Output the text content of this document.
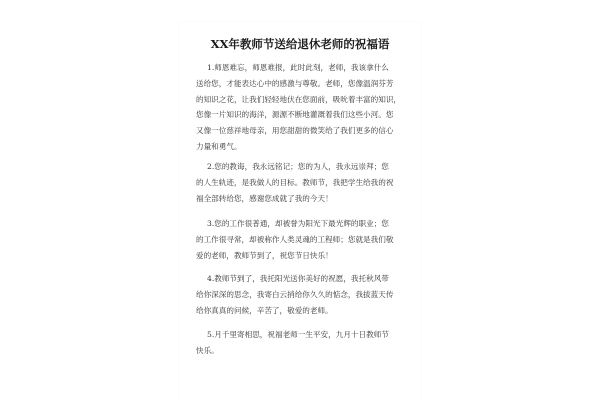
XX年教师节送给退休老师的祝福语

1.师恩难忘，师恩难报，此时此刻，老师，我该拿什么
送给您，才能表达心中的感激与尊敬。老师，您像温润芬芳
的知识之花，让我们轻轻地伏在您面前，吸吮着丰富的知识，
您像一片知识的海洋，源源不断地灌溉着我们这些小河。您
又像一位慈祥地母亲，用您甜甜的微笑给了我们更多的信心
力量和勇气。

2.您的教诲，我永远铭记；您的为人，我永远崇拜；您
的人生轨迹，是我做人的目标。教师节，我把学生给我的祝
福全部转给您，感谢您成就了我的今天！

3.您的工作很普通，却被誉为阳光下最光辉的职业；您
的工作很寻常，却被称作人类灵魂的工程师；您就是我们敬
爱的老师，教师节到了，祝您节日快乐！

4.教师节到了，我托阳光送你美好的祝愿，我托秋风带
给你深深的思念，我寄白云捎给你久久的惦念，我拔蓝天传
给你真真的问候，辛苦了，敬爱的老师。

5.月千里寄相思，祝福老师一生平安，九月十日教师节
快乐。
